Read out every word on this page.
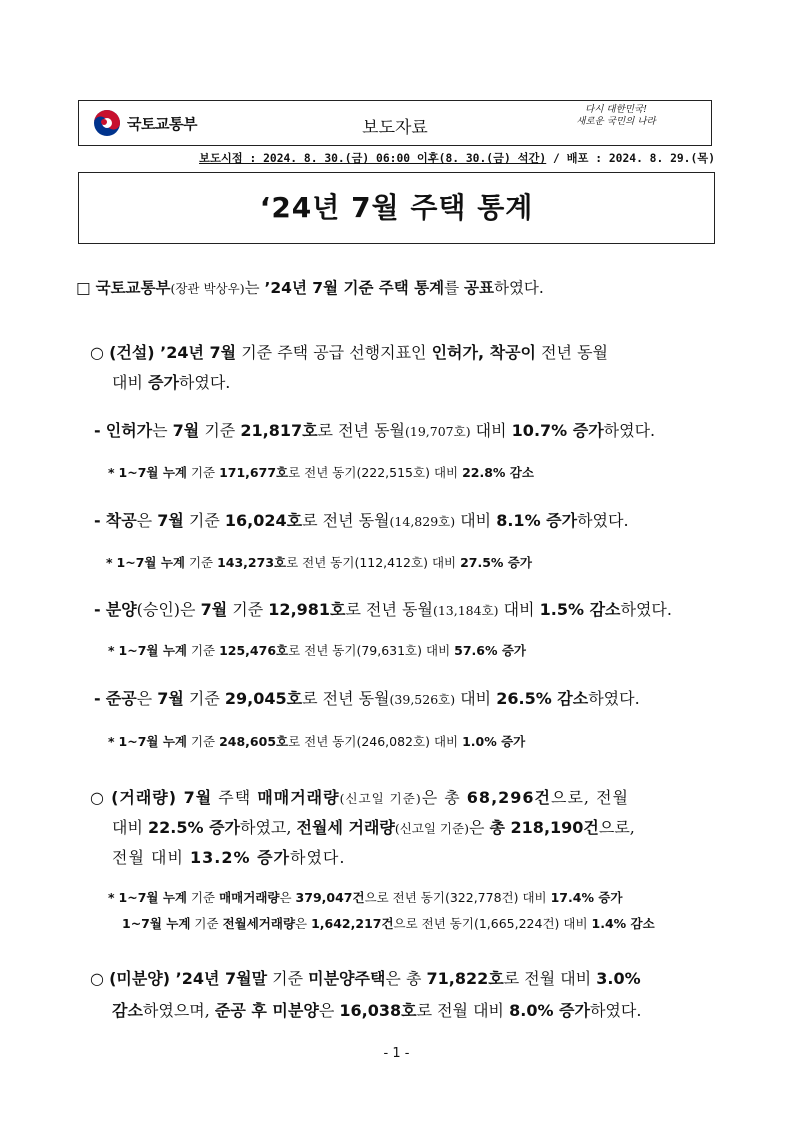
국토교통부	보도자료
다시 대한민국!
새로운 국민의 나라
보도시점 : 2024. 8. 30.(금) 06:00 이후(8. 30.(금) 석간) / 배포 : 2024. 8. 29.(목)
‘24년 7월 주택 통계
□ 국토교통부(장관 박상우)는 ’24년 7월 기준 주택 통계를 공표하였다.
○ (건설) ’24년 7월 기준 주택 공급 선행지표인 인허가, 착공이 전년 동월
대비 증가하였다.
- 인허가는 7월 기준 21,817호로 전년 동월(19,707호) 대비 10.7% 증가하였다.
* 1~7월 누계 기준 171,677호로 전년 동기(222,515호) 대비 22.8% 감소
- 착공은 7월 기준 16,024호로 전년 동월(14,829호) 대비 8.1% 증가하였다.
* 1~7월 누계 기준 143,273호로 전년 동기(112,412호) 대비 27.5% 증가
- 분양(승인)은 7월 기준 12,981호로 전년 동월(13,184호) 대비 1.5% 감소하였다.
* 1~7월 누계 기준 125,476호로 전년 동기(79,631호) 대비 57.6% 증가
- 준공은 7월 기준 29,045호로 전년 동월(39,526호) 대비 26.5% 감소하였다.
* 1~7월 누계 기준 248,605호로 전년 동기(246,082호) 대비 1.0% 증가
○ (거래량) 7월 주택 매매거래량(신고일 기준)은 총 68,296건으로, 전월
대비 22.5% 증가하였고, 전월세 거래량(신고일 기준)은 총 218,190건으로,
전월 대비 13.2% 증가하였다.
* 1~7월 누계 기준 매매거래량은 379,047건으로 전년 동기(322,778건) 대비 17.4% 증가
1~7월 누계 기준 전월세거래량은 1,642,217건으로 전년 동기(1,665,224건) 대비 1.4% 감소
○ (미분양) ’24년 7월말 기준 미분양주택은 총 71,822호로 전월 대비 3.0%
감소하였으며, 준공 후 미분양은 16,038호로 전월 대비 8.0% 증가하였다.
- 1 -
